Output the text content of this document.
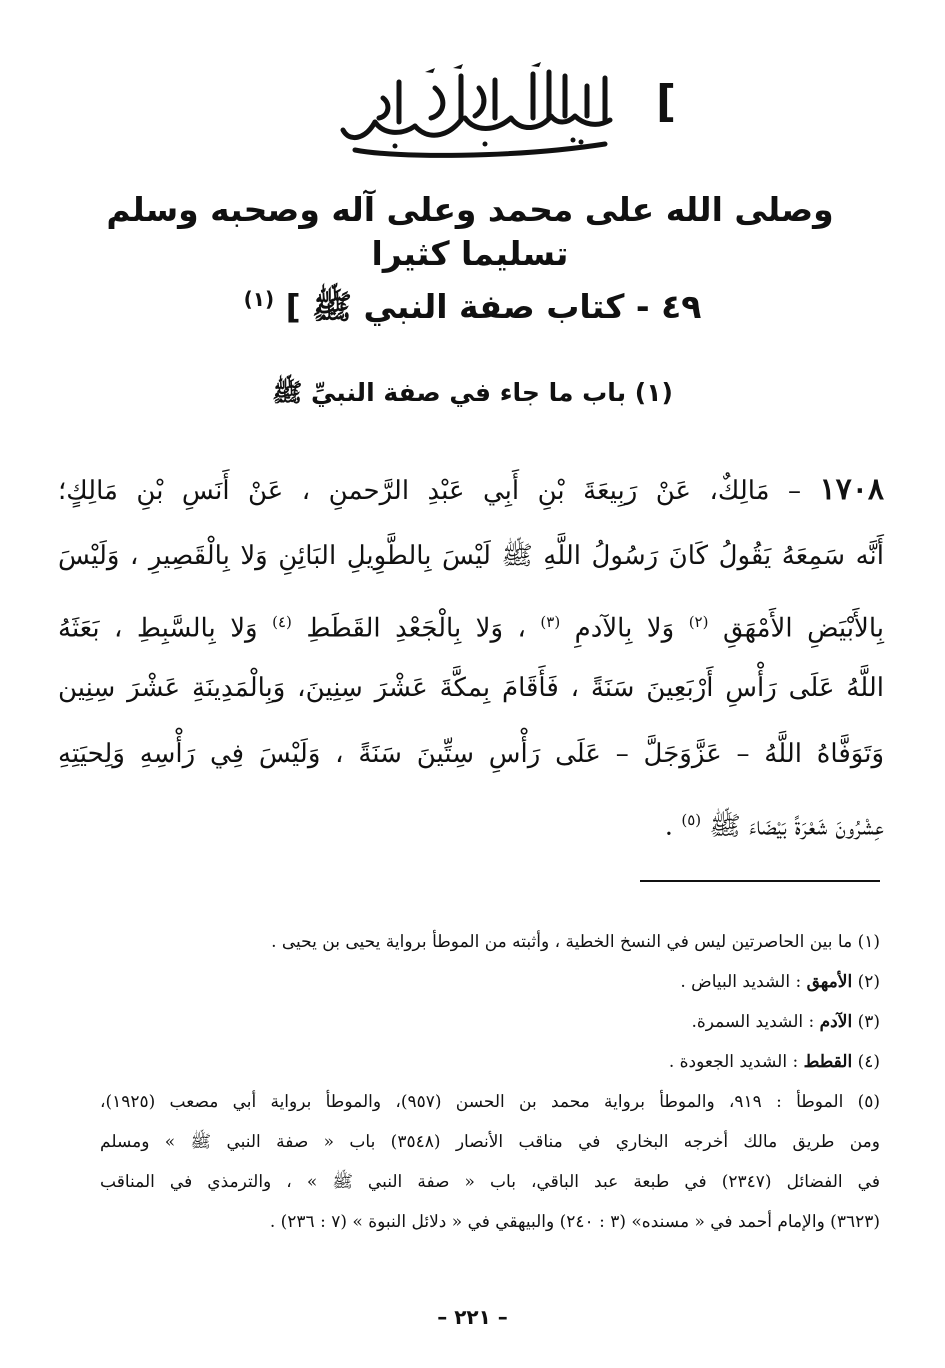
[
وصلى الله على محمد وعلى آله وصحبه وسلم تسليما كثيرا
٤٩ - كتاب صفة النبي ﷺ ] $^{(١)}$
(١) باب ما جاء في صفة النبيِّ ﷺ
١٧٠٨ – مَالِكٌ، عَنْ رَبِيعَةَ بْنِ أَبِي عَبْدِ الرَّحمنِ ، عَنْ أَنَسِ بْنِ مَالِكٍ؛
أَنَّه سَمِعَهُ يَقُولُ كَانَ رَسُولُ اللَّهِ ﷺ لَيْسَ بِالطَّوِيلِ البَائِنِ وَلا بِالْقَصِيرِ ، وَلَيْسَ
بِالأَبْيَضِ الأَمْهَقِ $^{(٢)}$ وَلا بِالآدمِ $^{(٣)}$ ، وَلا بِالْجَعْدِ القَطَطِ $^{(٤)}$ وَلا بِالسَّبِطِ ، بَعَثَهُ
اللَّهُ عَلَى رَأْسِ أَرْبَعِينَ سَنَةً ، فَأَقَامَ بِمكَّةَ عَشْرَ سِنِينَ، وَبِالْمَدِينَةِ عَشْرَ سِنِين
وَتَوَفَّاهُ اللَّهُ – عَزَّوَجَلَّ – عَلَى رَأْسِ سِتِّينَ سَنَةً ، وَلَيْسَ فِي رَأْسِهِ وَلِحيَتِهِ
عِشْرُونَ شَعْرَةً بَيْضَاءَ ﷺ $^{(٥)}$ .
(١) ما بين الحاصرتين ليس في النسخ الخطية ، وأثبته من الموطأ برواية يحيى بن يحيى .
(٢) الأمهق : الشديد البياض .
(٣) الآدم : الشديد السمرة.
(٤) القطط : الشديد الجعودة .
(٥) الموطأ : ٩١٩، والموطأ برواية محمد بن الحسن (٩٥٧)، والموطأ برواية أبي مصعب (١٩٢٥)،
ومن طريق مالك أخرجه البخاري في مناقب الأنصار (٣٥٤٨) باب « صفة النبي ﷺ » ومسلم
في الفضائل (٢٣٤٧) في طبعة عبد الباقي، باب « صفة النبي ﷺ » ، والترمذي في المناقب
(٣٦٢٣) والإمام أحمد في « مسنده» (٣ : ٢٤٠) والبيهقي في « دلائل النبوة » (٧ : ٢٣٦) .
– ٢٢١ –
